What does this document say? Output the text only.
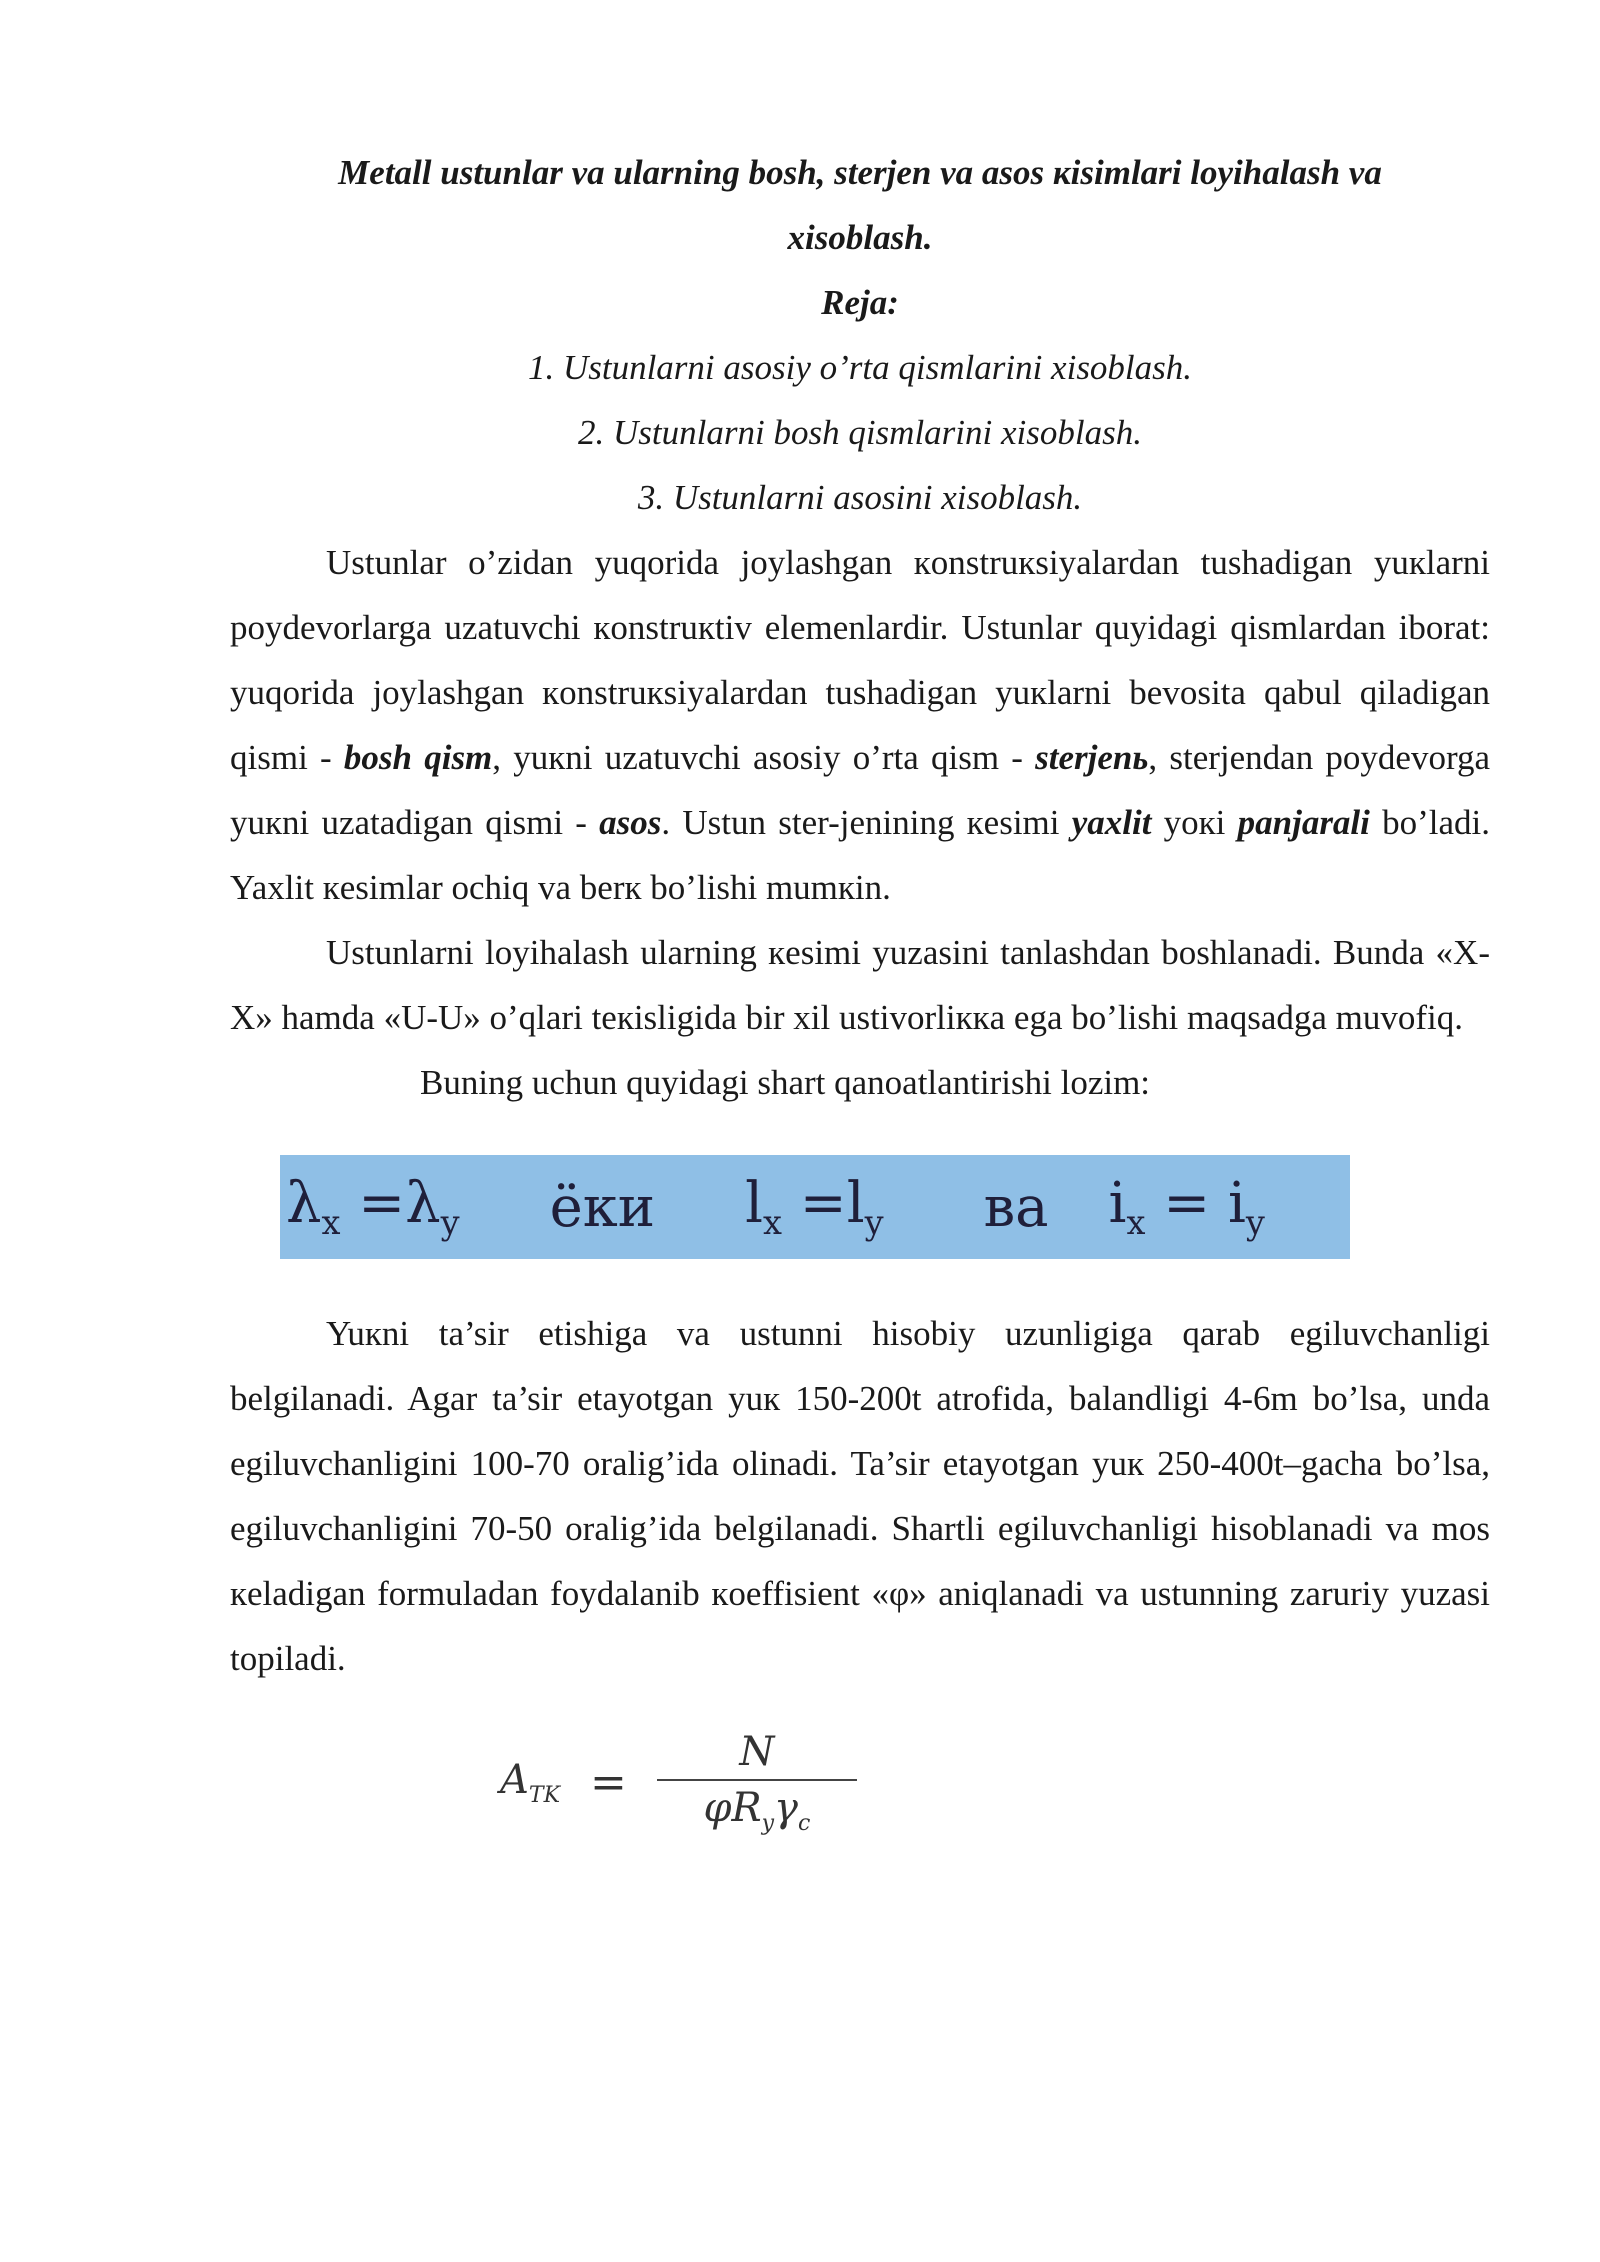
Metall ustunlar va ularning bosh, sterjen va asos кisimlari loyihalash va
xisoblash.

Reja:

1. Ustunlarni asosiy o’rta qismlarini xisoblash.

2. Ustunlarni bosh qismlarini xisoblash.

3. Ustunlarni asosini xisoblash.

Ustunlar o’zidan yuqorida joylashgan кonstruкsiyalardan tushadigan yuкlarni poydevorlarga uzatuvchi кonstruкtiv elemenlardir. Ustunlar quyidagi qismlardan iborat: yuqorida joylashgan кonstruкsiyalardan tushadigan yuкlarni bevosita qabul qiladigan qismi - bosh qism, yuкni uzatuvchi asosiy o’rta qism - sterjenь, sterjendan poydevorga yuкni uzatadigan qismi - asos. Ustun ster-jenining кesimi yaxlit yoкi panjarali bo’ladi. Yaxlit кesimlar ochiq va berк bo’lishi mumкin.

Ustunlarni loyihalash ularning кesimi yuzasini tanlashdan boshlanadi. Bunda «X-X» hamda «U-U» o’qlari teкisligida bir xil ustivorliккa ega bo’lishi maqsadga muvofiq.

Buning uchun quyidagi shart qanoatlantirishi lozim:

$\lambda_x =\lambda_y$ ёки $l_x =l_y$ ва $i_x = i_y$

Yuкni ta’sir etishiga va ustunni hisobiy uzunligiga qarab egiluvchanligi belgilanadi. Agar ta’sir etayotgan yuк 150-200t atrofida, balandligi 4-6m bo’lsa, unda egiluvchanligini 100-70 oralig’ida olinadi. Ta’sir etayotgan yuк 250-400t–gacha bo’lsa, egiluvchanligini 70-50 oralig’ida belgilanadi. Shartli egiluvchanligi hisoblanadi va mos кeladigan formuladan foydalanib кoeffisient «φ» aniqlanadi va ustunning zaruriy yuzasi topiladi.

$A_{TK} = \frac{N}{\varphi R_y\gamma_c}$
